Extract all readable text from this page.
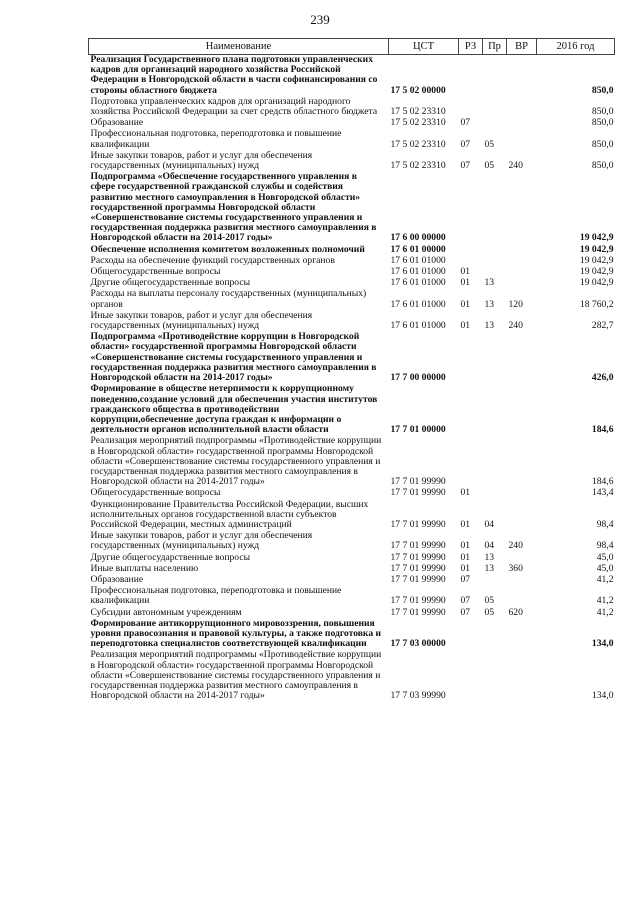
239
Наименование	ЦСТ	РЗ	Пр	ВР	2016 год
Реализация Государственного плана подготовки управленческих кадров для организаций народного хозяйства Российской Федерации в Новгородской области в части софинансирования со стороны областного бюджета	17 5 02 00000				850,0
Подготовка управленческих кадров для организаций народного хозяйства Российской Федерации за счет средств областного бюджета	17 5 02 23310				850,0
Образование	17 5 02 23310	07			850,0
Профессиональная подготовка, переподготовка и повышение квалификации	17 5 02 23310	07	05		850,0
Иные закупки товаров, работ и услуг для обеспечения государственных (муниципальных) нужд	17 5 02 23310	07	05	240	850,0
Подпрограмма «Обеспечение государственного управления в сфере государственной гражданской службы и содействия развитию местного самоуправления в Новгородской области» государственной программы Новгородской области «Совершенствование системы государственного управления и государственная поддержка развития местного самоуправления в Новгородской области на 2014-2017 годы»	17 6 00 00000				19 042,9
Обеспечение исполнения комитетом возложенных полномочий	17 6 01 00000				19 042,9
Расходы на обеспечение функций государственных органов	17 6 01 01000				19 042,9
Общегосударственные вопросы	17 6 01 01000	01			19 042,9
Другие общегосударственные вопросы	17 6 01 01000	01	13		19 042,9
Расходы на выплаты персоналу государственных (муниципальных) органов	17 6 01 01000	01	13	120	18 760,2
Иные закупки товаров, работ и услуг для обеспечения государственных (муниципальных) нужд	17 6 01 01000	01	13	240	282,7
Подпрограмма «Противодействие коррупции в Новгородской области» государственной программы Новгородской области «Совершенствование системы государственного управления и государственная поддержка развития местного самоуправления в Новгородской области на 2014-2017 годы»	17 7 00 00000				426,0
Формирование в обществе нетерпимости к коррупционному поведению,создание условий для обеспечения участия институтов гражданского общества в противодействии коррупции,обеспечение доступа граждан к информации о деятельности органов исполнительной власти области	17 7 01 00000				184,6
Реализация мероприятий подпрограммы «Противодействие коррупции в Новгородской области» государственной программы Новгородской области «Совершенствование системы государственного управления и государственная поддержка развития местного самоуправления в Новгородской области на 2014-2017 годы»	17 7 01 99990				184,6
Общегосударственные вопросы	17 7 01 99990	01			143,4
Функционирование Правительства Российской Федерации, высших исполнительных органов государственной власти субъектов Российской Федерации, местных администраций	17 7 01 99990	01	04		98,4
Иные закупки товаров, работ и услуг для обеспечения государственных (муниципальных) нужд	17 7 01 99990	01	04	240	98,4
Другие общегосударственные вопросы	17 7 01 99990	01	13		45,0
Иные выплаты населению	17 7 01 99990	01	13	360	45,0
Образование	17 7 01 99990	07			41,2
Профессиональная подготовка, переподготовка и повышение квалификации	17 7 01 99990	07	05		41,2
Субсидии автономным учреждениям	17 7 01 99990	07	05	620	41,2
Формирование антикоррупционного мировоззрения, повышения уровня правосознания и правовой культуры, а также подготовка и переподготовка специалистов соответствующей квалификации	17 7 03 00000				134,0
Реализация мероприятий подпрограммы «Противодействие коррупции в Новгородской области» государственной программы Новгородской области «Совершенствование системы государственного управления и государственная поддержка развития местного самоуправления в Новгородской области на 2014-2017 годы»	17 7 03 99990				134,0
